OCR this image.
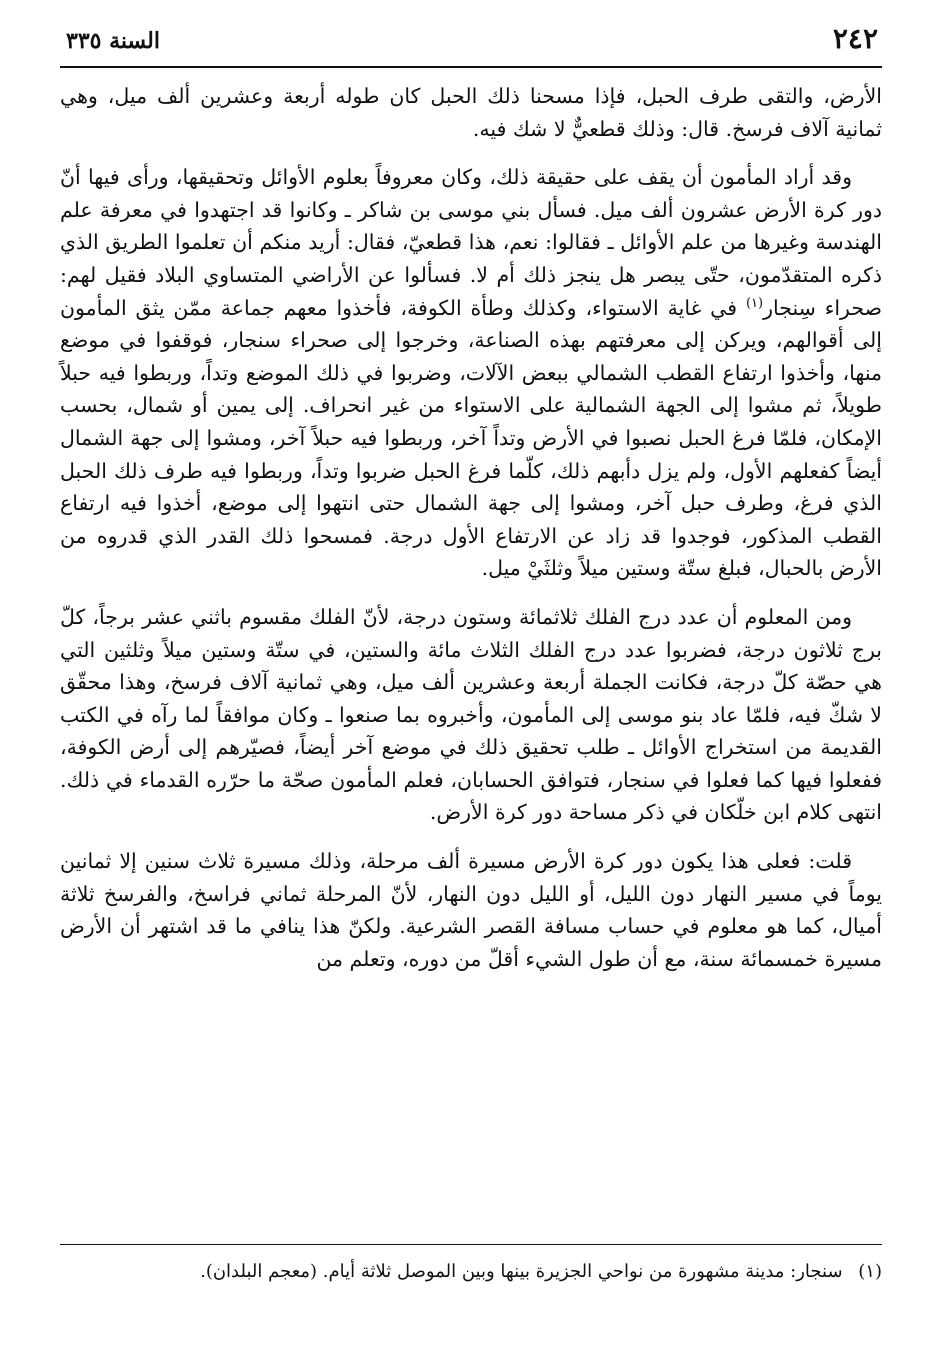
٢٤٢
السنة ٣٣٥

الأرض، والتقى طرف الحبل، فإذا مسحنا ذلك الحبل كان طوله أربعة وعشرين ألف ميل، وهي ثمانية آلاف فرسخ. قال: وذلك قطعيٌّ لا شك فيه.

وقد أراد المأمون أن يقف على حقيقة ذلك، وكان معروفاً بعلوم الأوائل وتحقيقها، ورأى فيها أنّ دور كرة الأرض عشرون ألف ميل. فسأل بني موسى بن شاكر ـ وكانوا قد اجتهدوا في معرفة علم الهندسة وغيرها من علم الأوائل ـ فقالوا: نعم، هذا قطعيّ، فقال: أريد منكم أن تعلموا الطريق الذي ذكره المتقدّمون، حتّى يبصر هل ينجز ذلك أم لا. فسألوا عن الأراضي المتساوي البلاد فقيل لهم: صحراء سِنجار$^{(١)}$ في غاية الاستواء، وكذلك وطأة الكوفة، فأخذوا معهم جماعة ممّن يثق المأمون إلى أقوالهم، ويركن إلى معرفتهم بهذه الصناعة، وخرجوا إلى صحراء سنجار، فوقفوا في موضع منها، وأخذوا ارتفاع القطب الشمالي ببعض الآلات، وضربوا في ذلك الموضع وتداً، وربطوا فيه حبلاً طويلاً، ثم مشوا إلى الجهة الشمالية على الاستواء من غير انحراف. إلى يمين أو شمال، بحسب الإمكان، فلمّا فرغ الحبل نصبوا في الأرض وتداً آخر، وربطوا فيه حبلاً آخر، ومشوا إلى جهة الشمال أيضاً كفعلهم الأول، ولم يزل دأبهم ذلك، كلّما فرغ الحبل ضربوا وتداً، وربطوا فيه طرف ذلك الحبل الذي فرغ، وطرف حبل آخر، ومشوا إلى جهة الشمال حتى انتهوا إلى موضع، أخذوا فيه ارتفاع القطب المذكور، فوجدوا قد زاد عن الارتفاع الأول درجة. فمسحوا ذلك القدر الذي قدروه من الأرض بالحبال، فبلغ ستّة وستين ميلاً وثلثَيْ ميل.

ومن المعلوم أن عدد درج الفلك ثلاثمائة وستون درجة، لأنّ الفلك مقسوم باثني عشر برجاً، كلّ برج ثلاثون درجة، فضربوا عدد درج الفلك الثلاث مائة والستين، في ستّة وستين ميلاً وثلثين التي هي حصّة كلّ درجة، فكانت الجملة أربعة وعشرين ألف ميل، وهي ثمانية آلاف فرسخ، وهذا محقّق لا شكّ فيه، فلمّا عاد بنو موسى إلى المأمون، وأخبروه بما صنعوا ـ وكان موافقاً لما رآه في الكتب القديمة من استخراج الأوائل ـ طلب تحقيق ذلك في موضع آخر أيضاً، فصيّرهم إلى أرض الكوفة، ففعلوا فيها كما فعلوا في سنجار، فتوافق الحسابان، فعلم المأمون صحّة ما حرّره القدماء في ذلك. انتهى كلام ابن خلّكان في ذكر مساحة دور كرة الأرض.

قلت: فعلى هذا يكون دور كرة الأرض مسيرة ألف مرحلة، وذلك مسيرة ثلاث سنين إلا ثمانين يوماً في مسير النهار دون الليل، أو الليل دون النهار، لأنّ المرحلة ثماني فراسخ، والفرسخ ثلاثة أميال، كما هو معلوم في حساب مسافة القصر الشرعية. ولكنّ هذا ينافي ما قد اشتهر أن الأرض مسيرة خمسمائة سنة، مع أن طول الشيء أقلّ من دوره، وتعلم من

(١) سنجار: مدينة مشهورة من نواحي الجزيرة بينها وبين الموصل ثلاثة أيام. (معجم البلدان).
